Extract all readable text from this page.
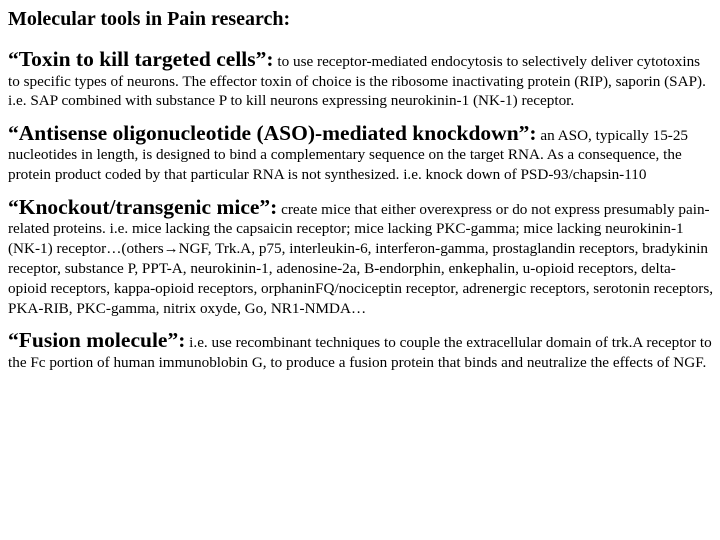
Molecular tools in Pain research:

“Toxin to kill targeted cells”: to use receptor-mediated endocytosis to selectively deliver cytotoxins to specific types of neurons. The effector toxin of choice is the ribosome inactivating protein (RIP), saporin (SAP). i.e. SAP combined with substance P to kill neurons expressing neurokinin-1 (NK-1) receptor.

“Antisense oligonucleotide (ASO)-mediated knockdown”: an ASO, typically 15-25 nucleotides in length, is designed to bind a complementary sequence on the target RNA. As a consequence, the protein product coded by that particular RNA is not synthesized. i.e. knock down of PSD-93/chapsin-110

“Knockout/transgenic mice”: create mice that either overexpress or do not express presumably pain-related proteins. i.e. mice lacking the capsaicin receptor; mice lacking PKC-gamma; mice lacking neurokinin-1 (NK-1) receptor…(others→NGF, Trk.A, p75, interleukin-6, interferon-gamma, prostaglandin receptors, bradykinin receptor, substance P, PPT-A, neurokinin-1, adenosine-2a, B-endorphin, enkephalin, u-opioid receptors, delta-opioid receptors, kappa-opioid receptors, orphaninFQ/nociceptin receptor, adrenergic receptors, serotonin receptors, PKA-RIB, PKC-gamma, nitrix oxyde, Go, NR1-NMDA…

“Fusion molecule”: i.e. use recombinant techniques to couple the extracellular domain of trk.A receptor to the Fc portion of human immunoblobin G, to produce a fusion protein that binds and neutralize the effects of NGF.
